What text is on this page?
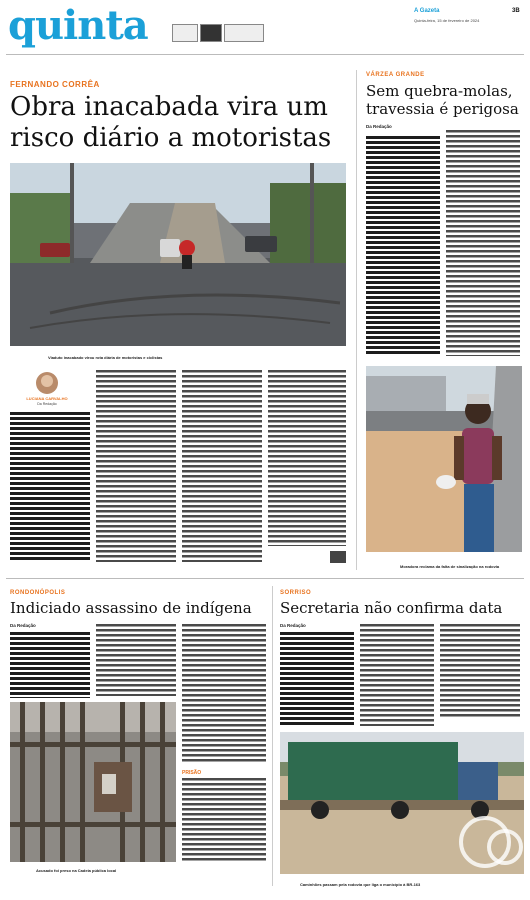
quinta	A Gazeta
Quinta-feira, 15 de fevereiro de 2024
3B
FERNANDO CORRÊA
Obra inacabada vira um
risco diário a motoristas
Viaduto inacabado virou rota diária de motoristas e ciclistas
LUCIANA CARVALHO
Da Redação
VÁRZEA GRANDE
Sem quebra-molas,
travessia é perigosa
Da Redação
Moradora reclama da falta de sinalização na rodovia
RONDONÓPOLIS
Indiciado assassino de indígena
Da Redação
PRISÃO
Acusado foi preso na Cadeia pública local
SORRISO
Secretaria não confirma data
Da Redação
Caminhões passam pela rodovia que liga o município à BR-163
